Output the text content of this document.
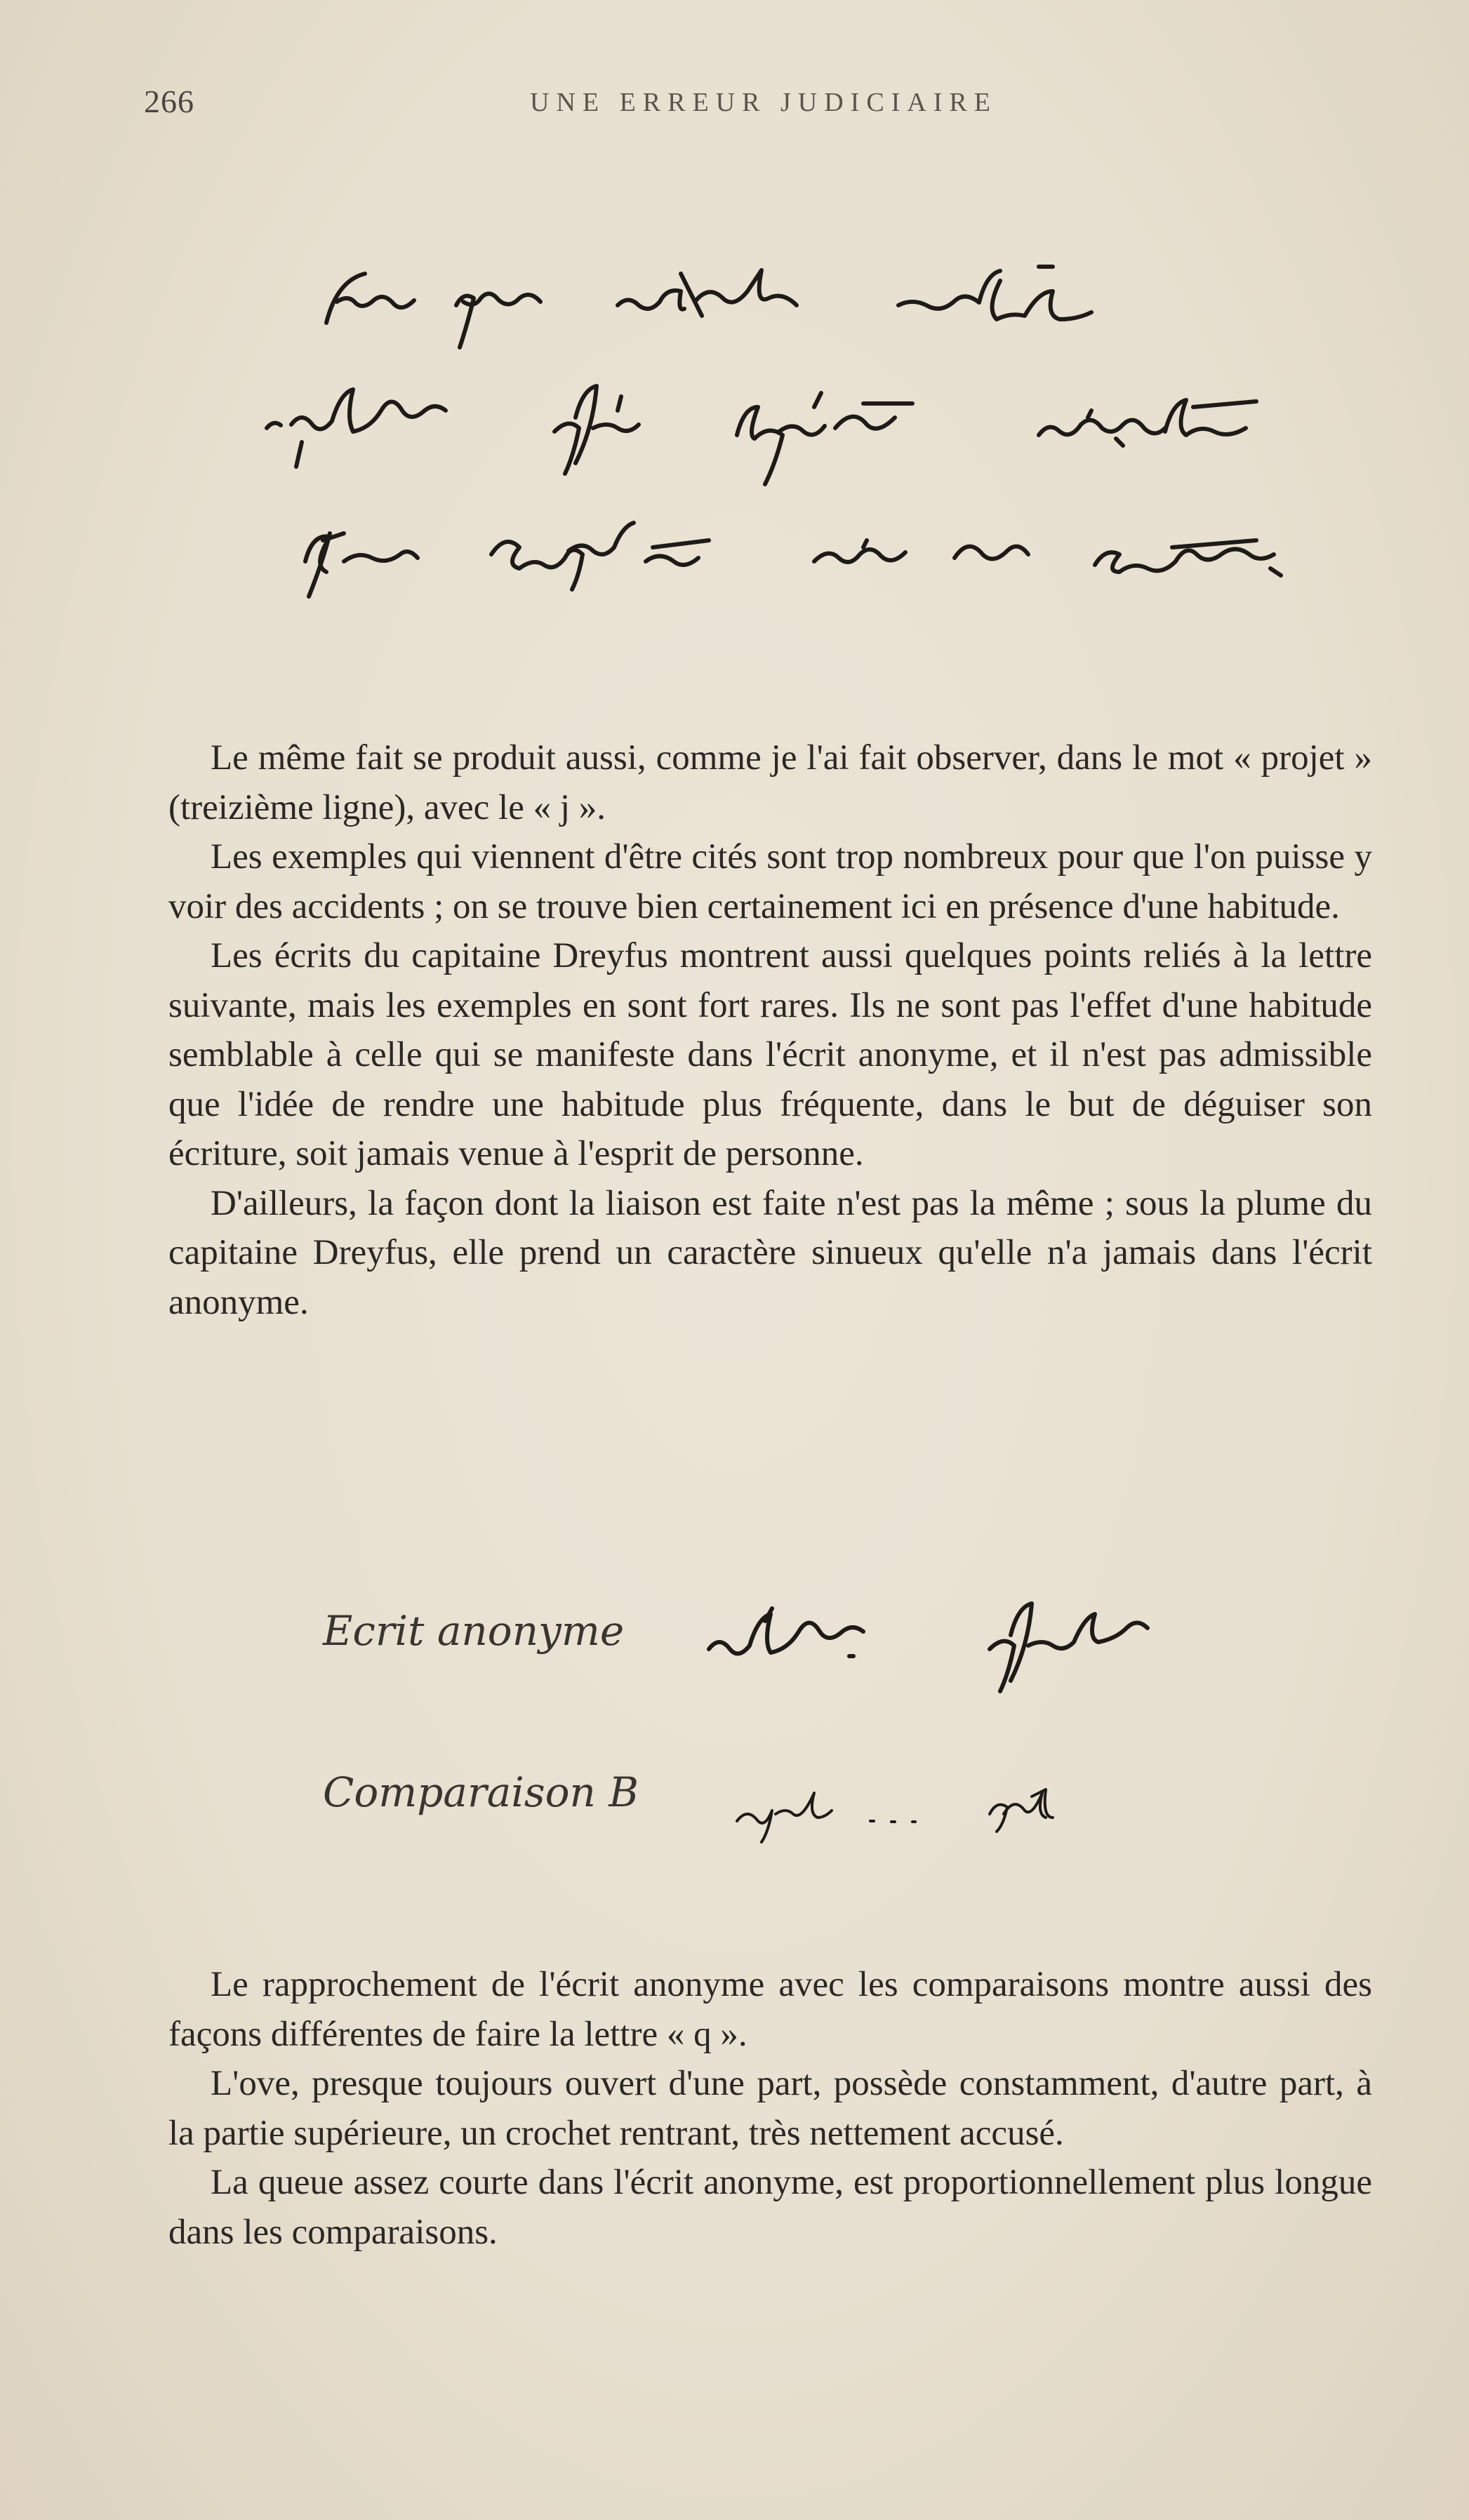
266	UNE ERREUR JUDICIAIRE

Le même fait se produit aussi, comme je l'ai fait observer, dans le mot « projet » (treizième ligne), avec le « j ».

Les exemples qui viennent d'être cités sont trop nombreux pour que l'on puisse y voir des accidents ; on se trouve bien certainement ici en présence d'une habitude.

Les écrits du capitaine Dreyfus montrent aussi quelques points reliés à la lettre suivante, mais les exemples en sont fort rares. Ils ne sont pas l'effet d'une habitude semblable à celle qui se manifeste dans l'écrit anonyme, et il n'est pas admissible que l'idée de rendre une habitude plus fréquente, dans le but de déguiser son écriture, soit jamais venue à l'esprit de personne.

D'ailleurs, la façon dont la liaison est faite n'est pas la même ; sous la plume du capitaine Dreyfus, elle prend un caractère sinueux qu'elle n'a jamais dans l'écrit anonyme.

Ecrit anonyme
Comparaison B

Le rapprochement de l'écrit anonyme avec les comparaisons montre aussi des façons différentes de faire la lettre « q ».

L'ove, presque toujours ouvert d'une part, possède constamment, d'autre part, à la partie supérieure, un crochet rentrant, très nettement accusé.

La queue assez courte dans l'écrit anonyme, est proportionnellement plus longue dans les comparaisons.
